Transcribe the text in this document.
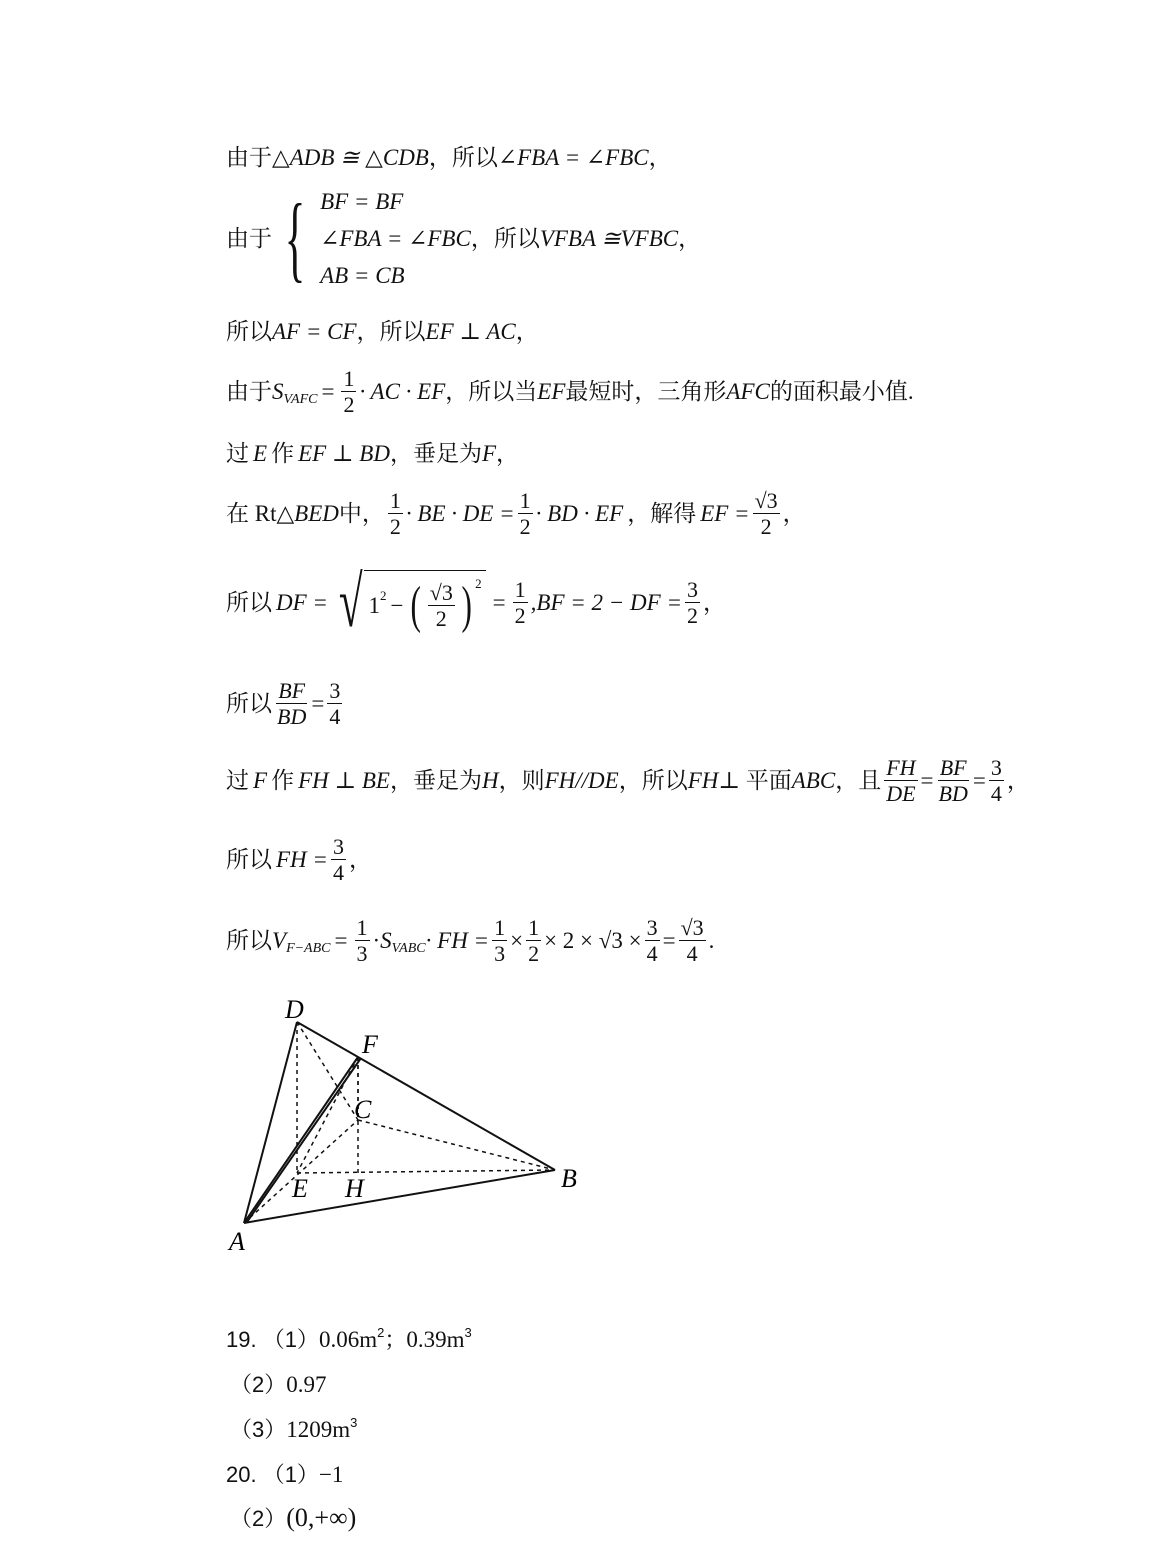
由于 △ADB ≅ △CDB ，所以 ∠FBA = ∠FBC ，
由于 { BF = BF
∠FBA = ∠FBC，所以VFBA ≅VFBC，
AB = CB
所以 AF = CF ，所以 EF ⊥ AC ，
由于 S VAFC = $\frac{1}{2}$ · AC · EF ，所以当 EF 最短时，三角形 AFC 的面积最小值.
过 E 作 EF ⊥ BD ，垂足为 F ，
在 Rt △BED 中， $\frac{1}{2}$ · BE · DE = $\frac{1}{2}$ · BD · EF ，解得 EF = $\frac{√3}{2}$ ，
所以 DF = √ 1 2 − ( $\frac{√3}{2}$ ) 2
= $\frac{1}{2} ,BF = 2$ − DF = $\frac{3}{2}$ ，
所以 $\frac{BF}{BD} = \frac{3}{4}$
过 F 作 FH ⊥ BE ，垂足为 H ，则 FH//DE ，所以 FH ⊥ 平面 ABC ，且 $\frac{FH}{DE} = \frac{BF}{BD} = \frac{3}{4}$ ，
所以 FH = $\frac{3}{4}$ ，
所以 V $F-ABC = \frac{1}{3} \cdot S$ VABC · FH = $\frac{1}{3} \times \frac{1}{2} \times 2 \times √3 \times \frac{3}{4} = \frac{√3}{4}$ .
D
F
C
E H	B
A
19. $(1)0.06m^2$；$0.39m^3$
（2）0.97
$(3)1209m^3$
20. （1）−1
（2）(0,+∞)
